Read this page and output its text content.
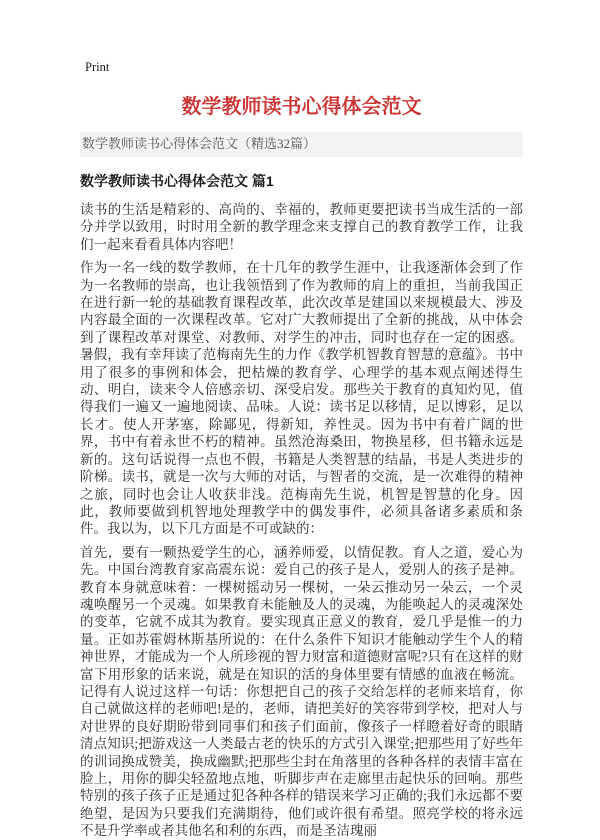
Print
数学教师读书心得体会范文
数学教师读书心得体会范文（精选32篇）
数学教师读书心得体会范文 篇1

读书的生活是精彩的、高尚的、幸福的，教师更要把读书当成生活的一部分并学以致用，时时用全新的教学理念来支撑自己的教育教学工作，让我们一起来看看具体内容吧！

作为一名一线的数学教师，在十几年的教学生涯中，让我逐渐体会到了作为一名教师的崇高，也让我领悟到了作为教师的肩上的重担，当前我国正在进行新一轮的基础教育课程改革，此次改革是建国以来规模最大、涉及内容最全面的一次课程改革。它对广大教师提出了全新的挑战，从中体会到了课程改革对课堂、对教师、对学生的冲击，同时也存在一定的困惑。暑假，我有幸拜读了范梅南先生的力作《教学机智教育智慧的意蕴》。书中用了很多的事例和体会，把枯燥的教育学、心理学的基本观点阐述得生动、明白，读来令人倍感亲切、深受启发。那些关于教育的真知灼见，值得我们一遍又一遍地阅读、品味。人说：读书足以移情，足以博彩，足以长才。使人开茅塞，除鄙见，得新知，养性灵。因为书中有着广阔的世界，书中有着永世不朽的精神。虽然沧海桑田，物换星移，但书籍永远是新的。这句话说得一点也不假，书籍是人类智慧的结晶，书是人类进步的阶梯。读书，就是一次与大师的对话，与智者的交流，是一次难得的精神之旅，同时也会让人收获非浅。范梅南先生说，机智是智慧的化身。因此，教师要做到机智地处理教学中的偶发事件，必须具备诸多素质和条件。我以为，以下几方面是不可或缺的：

首先，要有一颗热爱学生的心，涵养师爱，以情促教。育人之道，爱心为先。中国台湾教育家高震东说：爱自己的孩子是人，爱别人的孩子是神。教育本身就意味着：一棵树摇动另一棵树，一朵云推动另一朵云，一个灵魂唤醒另一个灵魂。如果教育未能触及人的灵魂，为能唤起人的灵魂深处的变革，它就不成其为教育。要实现真正意义的教育，爱几乎是惟一的力量。正如苏霍姆林斯基所说的：在什么条件下知识才能触动学生个人的精神世界，才能成为一个人所珍视的智力财富和道德财富呢?只有在这样的财富下用形象的话来说，就是在知识的活的身体里要有情感的血液在畅流。记得有人说过这样一句话：你想把自己的孩子交给怎样的老师来培育，你自己就做这样的老师吧!是的，老师，请把美好的笑容带到学校，把对人与对世界的良好期盼带到同事们和孩子们面前，像孩子一样瞪着好奇的眼睛清点知识;把游戏这一人类最古老的快乐的方式引入课堂;把那些用了好些年的训词换成赞美，换成幽默;把那些尘封在角落里的各种各样的表情丰富在脸上，用你的脚尖轻盈地点地，听脚步声在走廊里击起快乐的回响。那些特别的孩子孩子正是通过犯各种各样的错误来学习正确的;我们永远都不要绝望，是因为只要我们充满期待，他们或许很有希望。照亮学校的将永远不是升学率或者其他名和利的东西，而是圣洁瑰丽
